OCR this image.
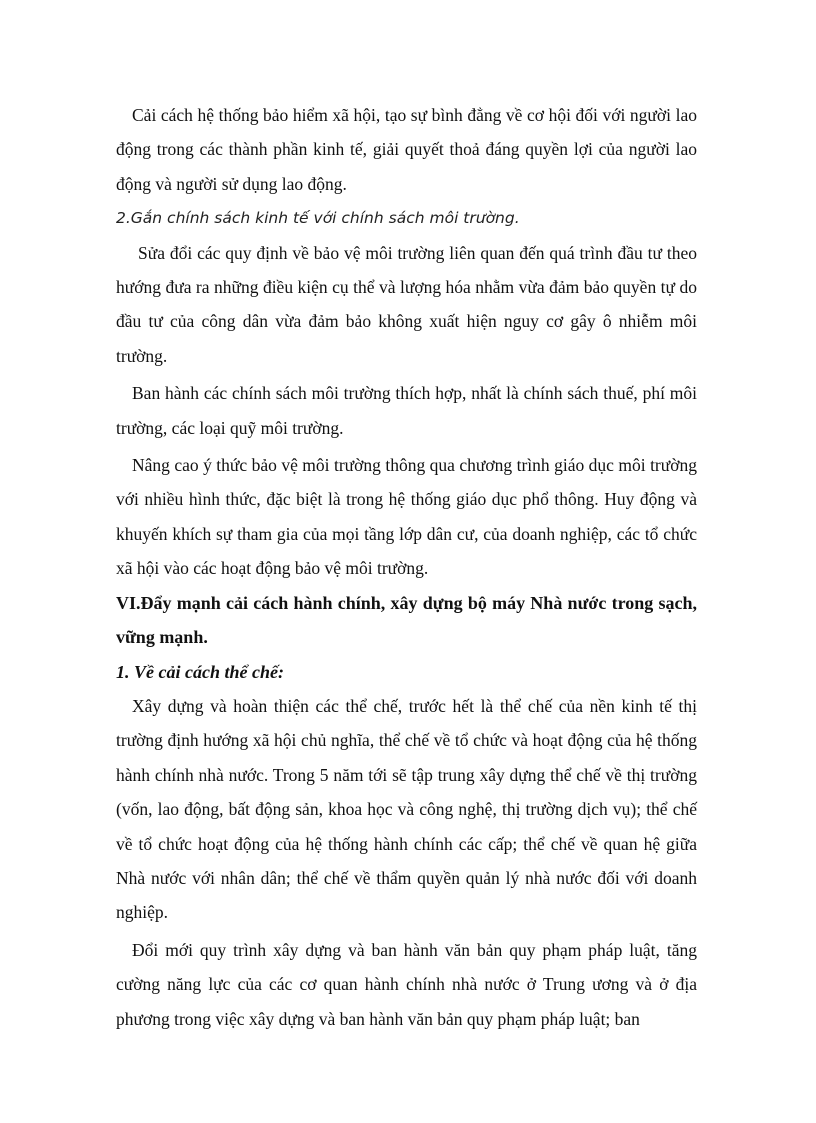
Cải cách hệ thống bảo hiểm xã hội, tạo sự bình đẳng về cơ hội đối với người lao động trong các thành phần kinh tế, giải quyết thoả đáng quyền lợi của người lao động và người sử dụng lao động.

2.Gắn chính sách kinh tế với chính sách môi trường.

Sửa đổi các quy định về bảo vệ môi trường liên quan đến quá trình đầu tư theo hướng đưa ra những điều kiện cụ thể và lượng hóa nhằm vừa đảm bảo quyền tự do đầu tư của công dân vừa đảm bảo không xuất hiện nguy cơ gây ô nhiễm môi trường.

Ban hành các chính sách môi trường thích hợp, nhất là chính sách thuế, phí môi trường, các loại quỹ môi trường.

Nâng cao ý thức bảo vệ môi trường thông qua chương trình giáo dục môi trường với nhiều hình thức, đặc biệt là trong hệ thống giáo dục phổ thông. Huy động và khuyến khích sự tham gia của mọi tầng lớp dân cư, của doanh nghiệp, các tổ chức xã hội vào các hoạt động bảo vệ môi trường.

VI.Đẩy mạnh cải cách hành chính, xây dựng bộ máy Nhà nước trong sạch, vững mạnh.

1. Về cải cách thể chế:

Xây dựng và hoàn thiện các thể chế, trước hết là thể chế của nền kinh tế thị trường định hướng xã hội chủ nghĩa, thể chế về tổ chức và hoạt động của hệ thống hành chính nhà nước. Trong 5 năm tới sẽ tập trung xây dựng thể chế về thị trường (vốn, lao động, bất động sản, khoa học và công nghệ, thị trường dịch vụ); thể chế về tổ chức hoạt động của hệ thống hành chính các cấp; thể chế về quan hệ giữa Nhà nước với nhân dân; thể chế về thẩm quyền quản lý nhà nước đối với doanh nghiệp.

Đổi mới quy trình xây dựng và ban hành văn bản quy phạm pháp luật, tăng cường năng lực của các cơ quan hành chính nhà nước ở Trung ương và ở địa phương trong việc xây dựng và ban hành văn bản quy phạm pháp luật; ban
